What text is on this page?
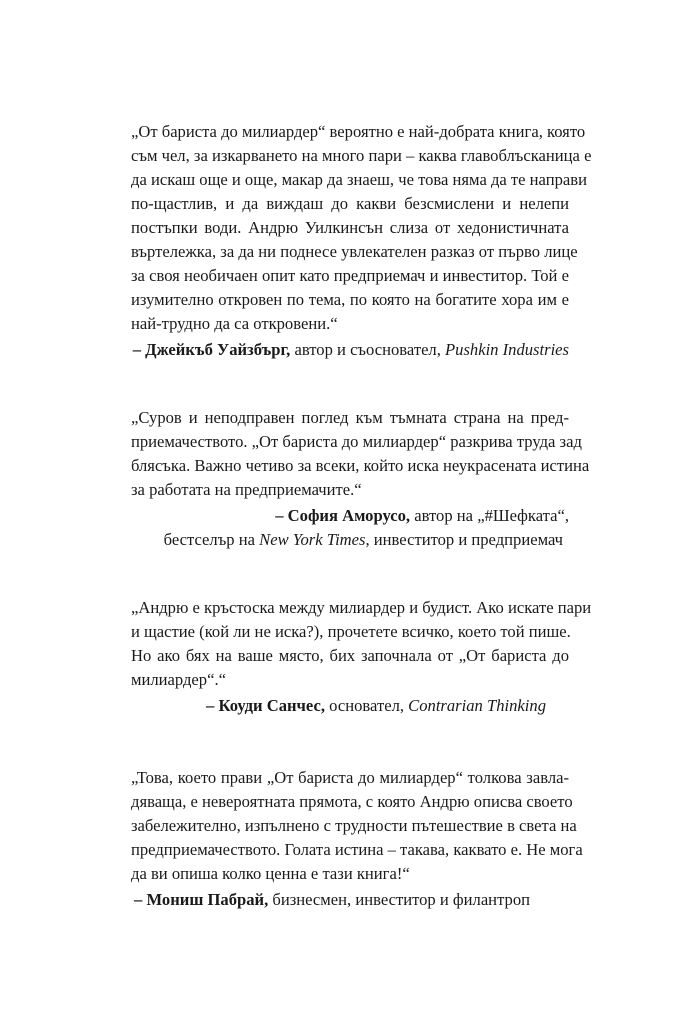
„От бариста до милиардер“ вероятно е най-добрата книга, която
съм чел, за изкарването на много пари – каква главоблъсканица е
да искаш още и още, макар да знаеш, че това няма да те направи
по-щастлив, и да виждаш до какви безсмислени и нелепи
постъпки води. Андрю Уилкинсън слиза от хедонистичната
въртележка, за да ни поднесе увлекателен разказ от първо лице
за своя необичаен опит като предприемач и инвеститор. Той е
изумително откровен по тема, по която на богатите хора им е
най-трудно да са откровени.“
– Джейкъб Уайзбърг, автор и съосновател, Pushkin Industries
„Суров и неподправен поглед към тъмната страна на пред-
приемачеството. „От бариста до милиардер“ разкрива труда зад
блясъка. Важно четиво за всеки, който иска неукрасената истина
за работата на предприемачите.“
– София Аморусо, автор на „#Шефката“,
бестселър на New York Times, инвеститор и предприемач
„Андрю е кръстоска между милиардер и будист. Ако искате пари
и щастие (кой ли не иска?), прочетете всичко, което той пише.
Но ако бях на ваше място, бих започнала от „От бариста до
милиардер“.“
– Коуди Санчес, основател, Contrarian Thinking
„Това, което прави „От бариста до милиардер“ толкова завла-
дяваща, е невероятната прямота, с която Андрю описва своето
забележително, изпълнено с трудности пътешествие в света на
предприемачеството. Голата истина – такава, каквато е. Не мога
да ви опиша колко ценна е тази книга!“
– Мониш Пабрай, бизнесмен, инвеститор и филантроп
